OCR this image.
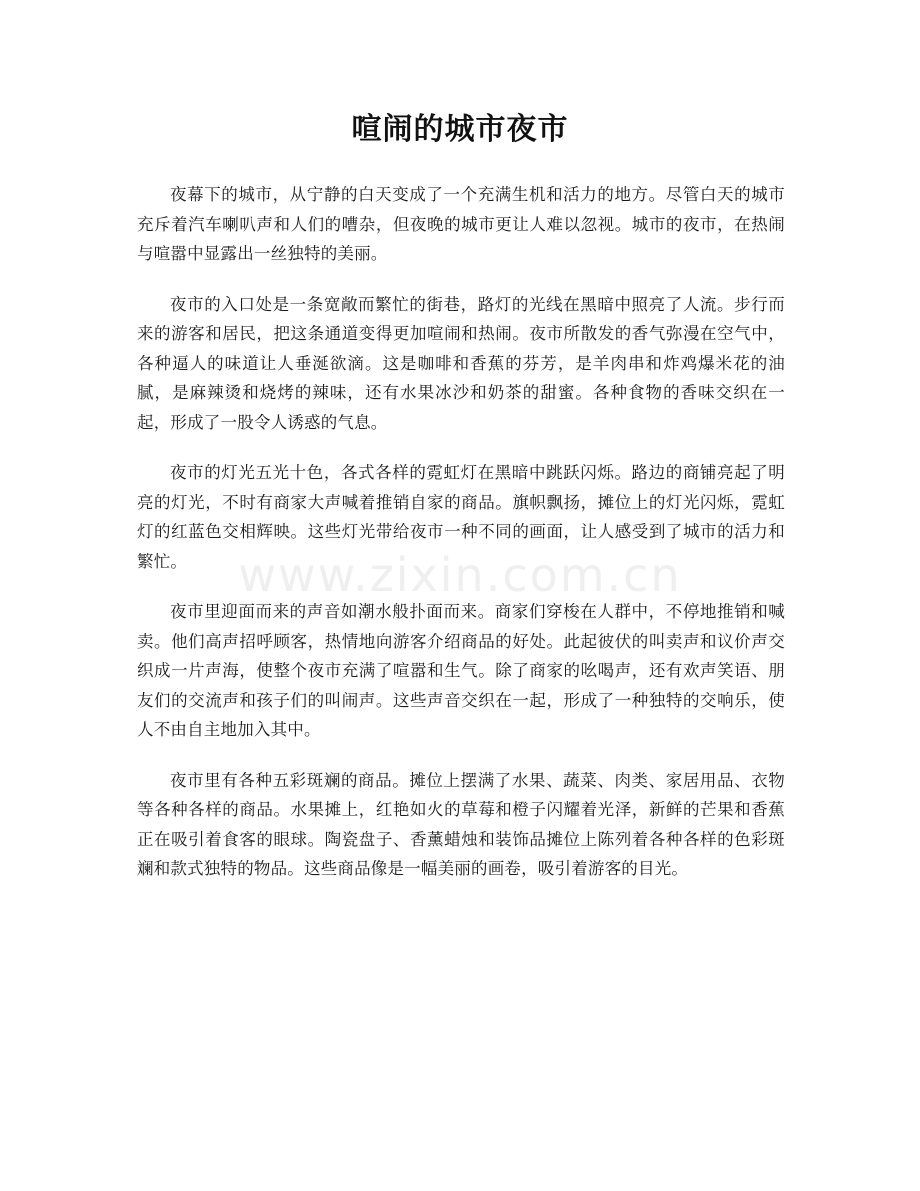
喧闹的城市夜市

夜幕下的城市，从宁静的白天变成了一个充满生机和活力的地方。尽管白天的城市充斥着汽车喇叭声和人们的嘈杂，但夜晚的城市更让人难以忽视。城市的夜市，在热闹与喧嚣中显露出一丝独特的美丽。

夜市的入口处是一条宽敞而繁忙的街巷，路灯的光线在黑暗中照亮了人流。步行而来的游客和居民，把这条通道变得更加喧闹和热闹。夜市所散发的香气弥漫在空气中，各种逼人的味道让人垂涎欲滴。这是咖啡和香蕉的芬芳，是羊肉串和炸鸡爆米花的油腻，是麻辣烫和烧烤的辣味，还有水果冰沙和奶茶的甜蜜。各种食物的香味交织在一起，形成了一股令人诱惑的气息。

夜市的灯光五光十色，各式各样的霓虹灯在黑暗中跳跃闪烁。路边的商铺亮起了明亮的灯光，不时有商家大声喊着推销自家的商品。旗帜飘扬，摊位上的灯光闪烁，霓虹灯的红蓝色交相辉映。这些灯光带给夜市一种不同的画面，让人感受到了城市的活力和繁忙。

夜市里迎面而来的声音如潮水般扑面而来。商家们穿梭在人群中，不停地推销和喊卖。他们高声招呼顾客，热情地向游客介绍商品的好处。此起彼伏的叫卖声和议价声交织成一片声海，使整个夜市充满了喧嚣和生气。除了商家的吆喝声，还有欢声笑语、朋友们的交流声和孩子们的叫闹声。这些声音交织在一起，形成了一种独特的交响乐，使人不由自主地加入其中。

夜市里有各种五彩斑斓的商品。摊位上摆满了水果、蔬菜、肉类、家居用品、衣物等各种各样的商品。水果摊上，红艳如火的草莓和橙子闪耀着光泽，新鲜的芒果和香蕉正在吸引着食客的眼球。陶瓷盘子、香薰蜡烛和装饰品摊位上陈列着各种各样的色彩斑斓和款式独特的物品。这些商品像是一幅美丽的画卷，吸引着游客的目光。

www.zixin.com.cn
